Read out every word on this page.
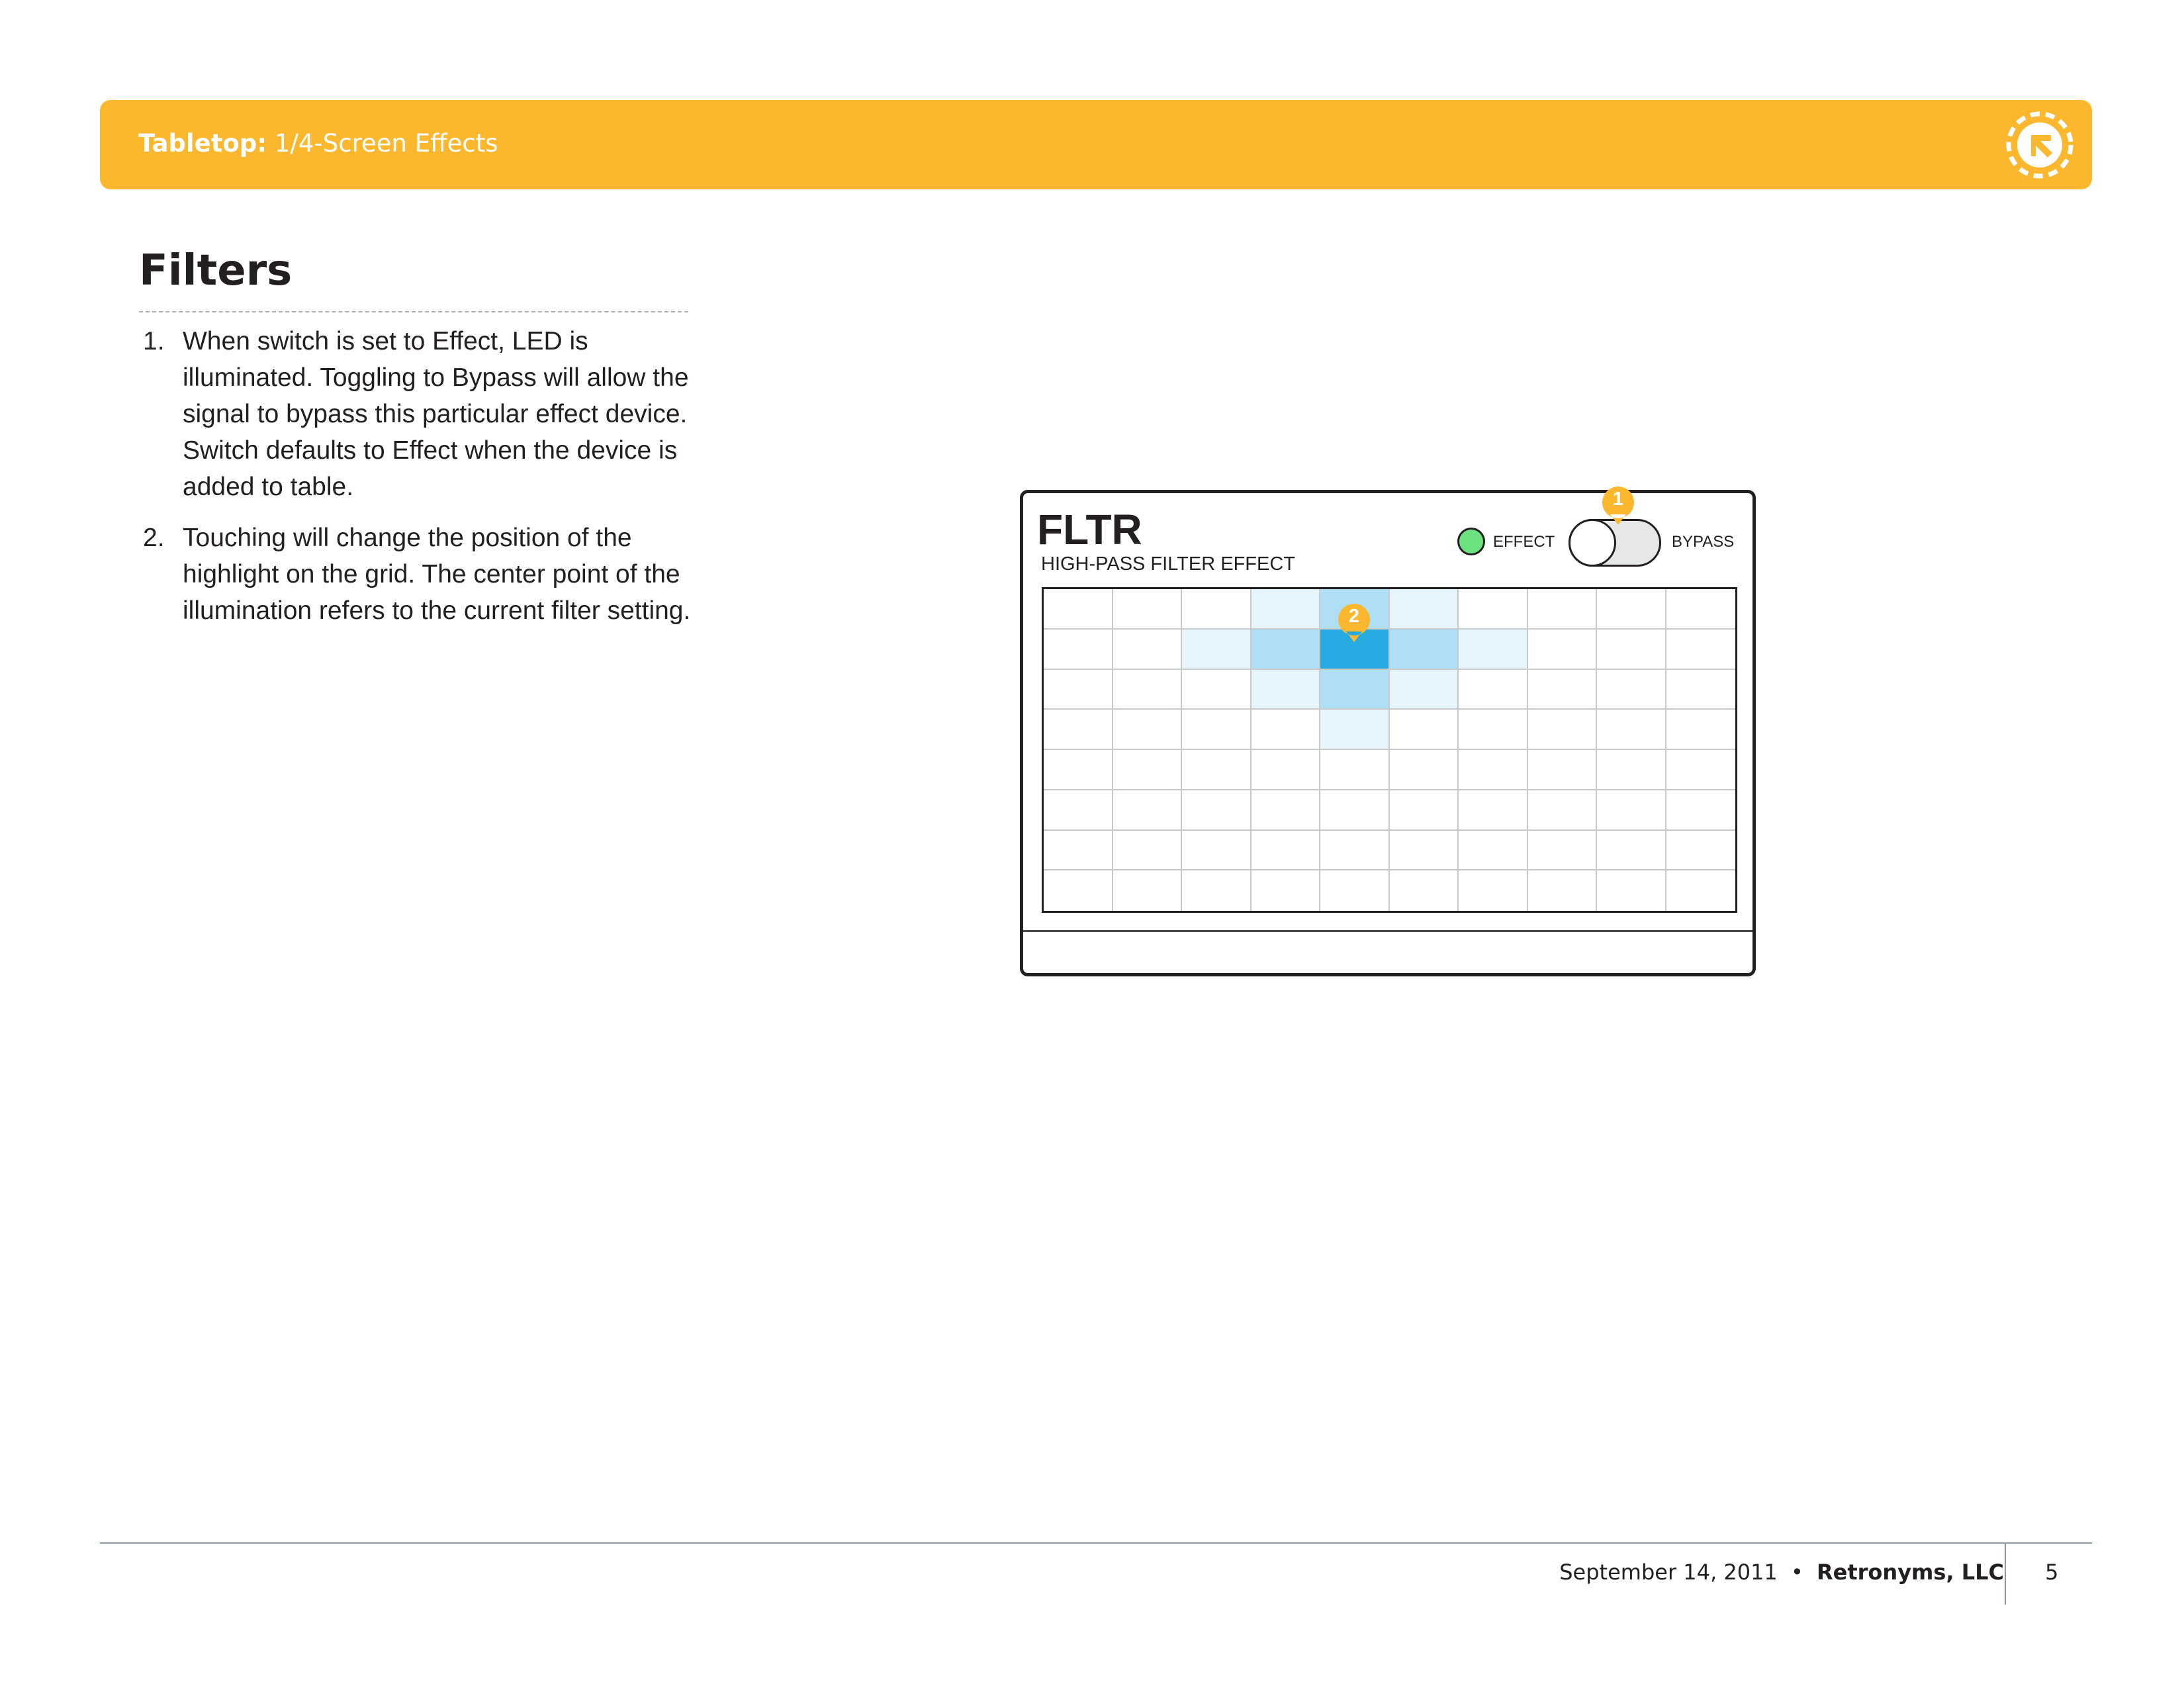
Tabletop: 1/4-Screen Effects
Filters
1. When switch is set to Effect, LED is illuminated. Toggling to Bypass will allow the signal to bypass this particular effect device. Switch defaults to Effect when the device is added to table.
2. Touching will change the position of the highlight on the grid. The center point of the illumination refers to the current filter setting.
FLTR
HIGH-PASS FILTER EFFECT
EFFECT	BYPASS
1
2
September 14, 2011 • Retronyms, LLC 5
